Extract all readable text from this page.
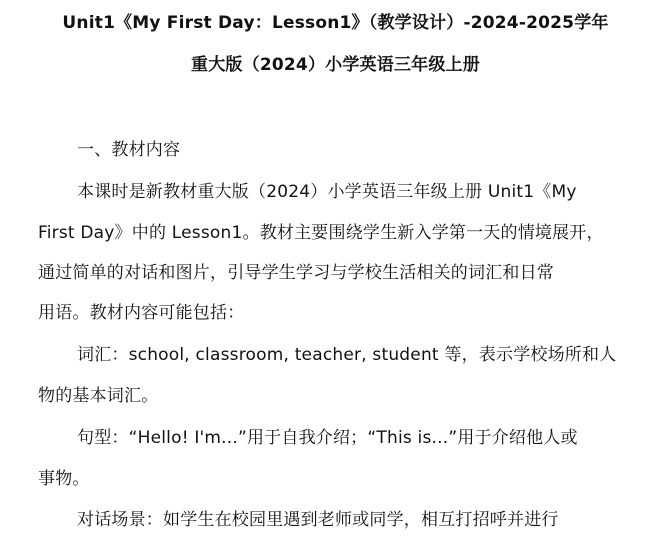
Unit1《My First Day：Lesson1》（教学设计）-2024-2025学年

重大版（2024）小学英语三年级上册

一、教材内容

本课时是新教材重大版（2024）小学英语三年级上册 Unit1《My

First Day》中的 Lesson1。教材主要围绕学生新入学第一天的情境展开，

通过简单的对话和图片，引导学生学习与学校生活相关的词汇和日常

用语。教材内容可能包括：

词汇：school, classroom, teacher, student 等，表示学校场所和人

物的基本词汇。

句型：“Hello! I'm...”用于自我介绍；“This is...”用于介绍他人或

事物。

对话场景：如学生在校园里遇到老师或同学，相互打招呼并进行
